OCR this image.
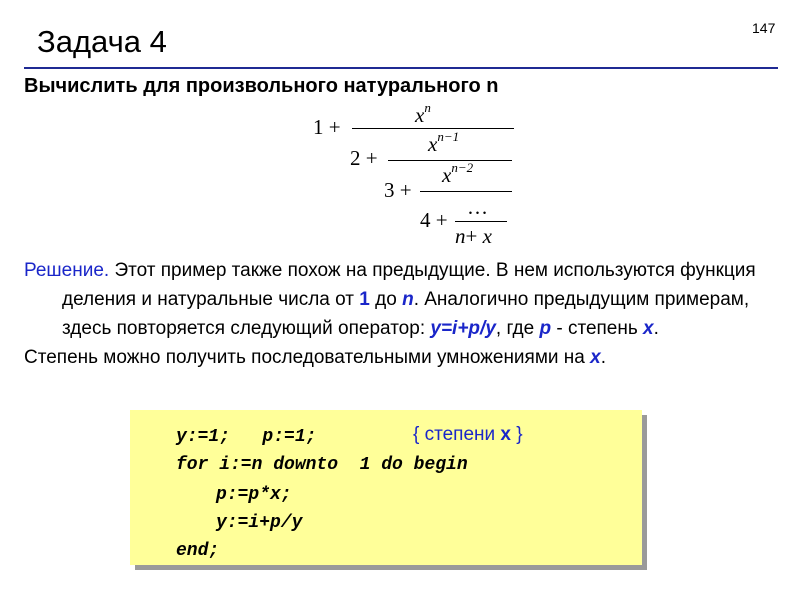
147
Задача 4
Вычислить для произвольного натурального n
$x^n$
1 +
$x^{n-1}$
2 +
$x^{n-2}$
3 +
…
4 +
n+ x

Решение. Этот пример также похож на предыдущие. В нем используются функция деления и натуральные числа от 1 до n. Аналогично предыдущим примерам, здесь повторяется следующий оператор: y=i+p/y, где p - степень x.

Степень можно получить последовательными умножениями на x.

y:=1;   p:=1;	{ степени x }
for i:=n downto  1 do begin
p:=p*x;
y:=i+p/y
end;
